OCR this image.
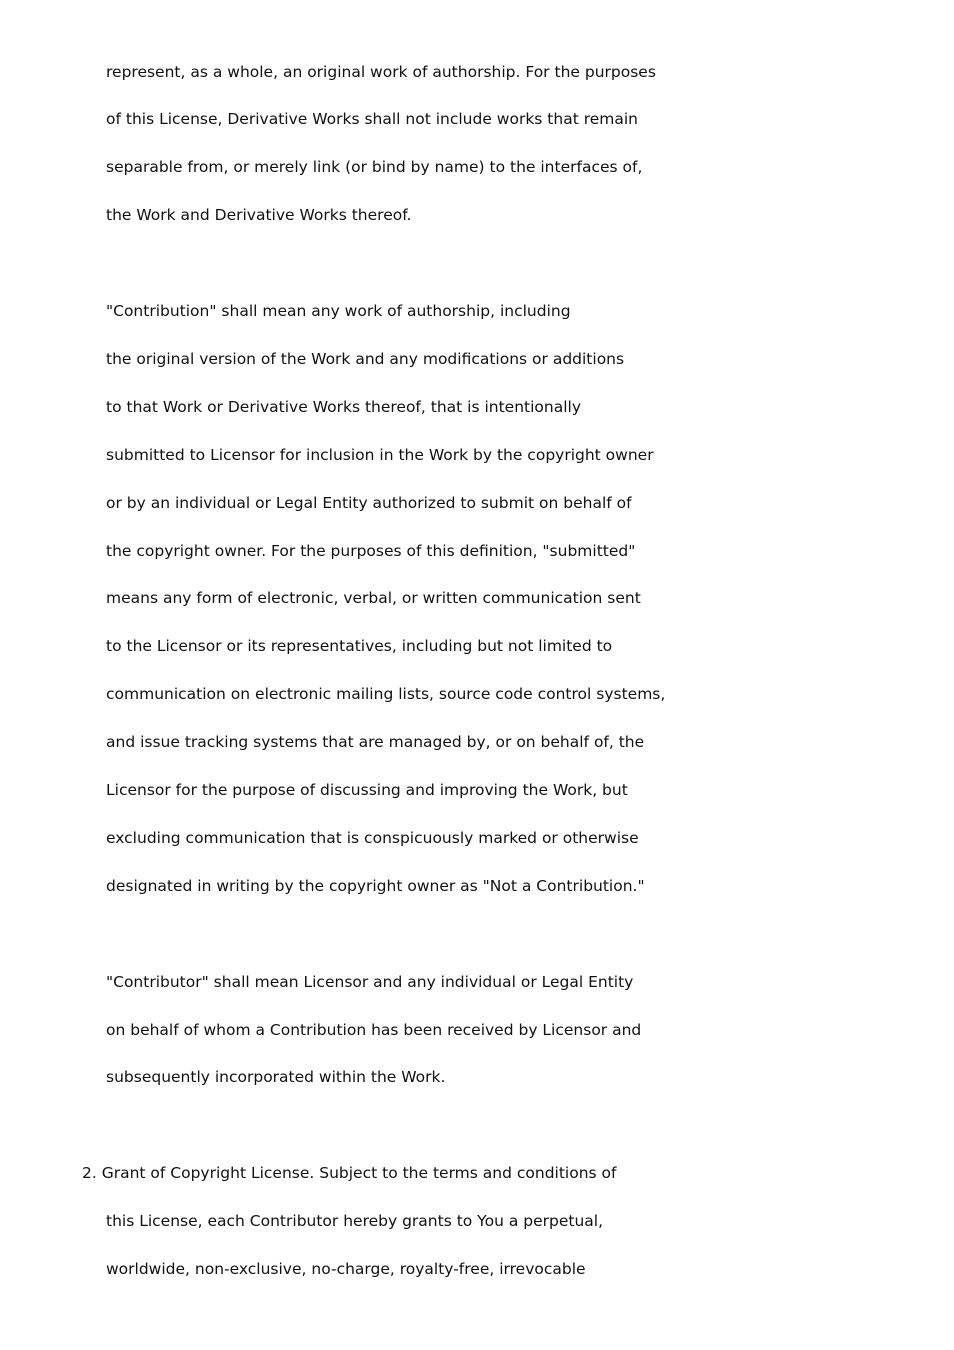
represent, as a whole, an original work of authorship. For the purposes
of this License, Derivative Works shall not include works that remain
separable from, or merely link (or bind by name) to the interfaces of,
the Work and Derivative Works thereof.
"Contribution" shall mean any work of authorship, including
the original version of the Work and any modifications or additions
to that Work or Derivative Works thereof, that is intentionally
submitted to Licensor for inclusion in the Work by the copyright owner
or by an individual or Legal Entity authorized to submit on behalf of
the copyright owner. For the purposes of this definition, "submitted"
means any form of electronic, verbal, or written communication sent
to the Licensor or its representatives, including but not limited to
communication on electronic mailing lists, source code control systems,
and issue tracking systems that are managed by, or on behalf of, the
Licensor for the purpose of discussing and improving the Work, but
excluding communication that is conspicuously marked or otherwise
designated in writing by the copyright owner as "Not a Contribution."
"Contributor" shall mean Licensor and any individual or Legal Entity
on behalf of whom a Contribution has been received by Licensor and
subsequently incorporated within the Work.
2. Grant of Copyright License. Subject to the terms and conditions of
this License, each Contributor hereby grants to You a perpetual,
worldwide, non-exclusive, no-charge, royalty-free, irrevocable
